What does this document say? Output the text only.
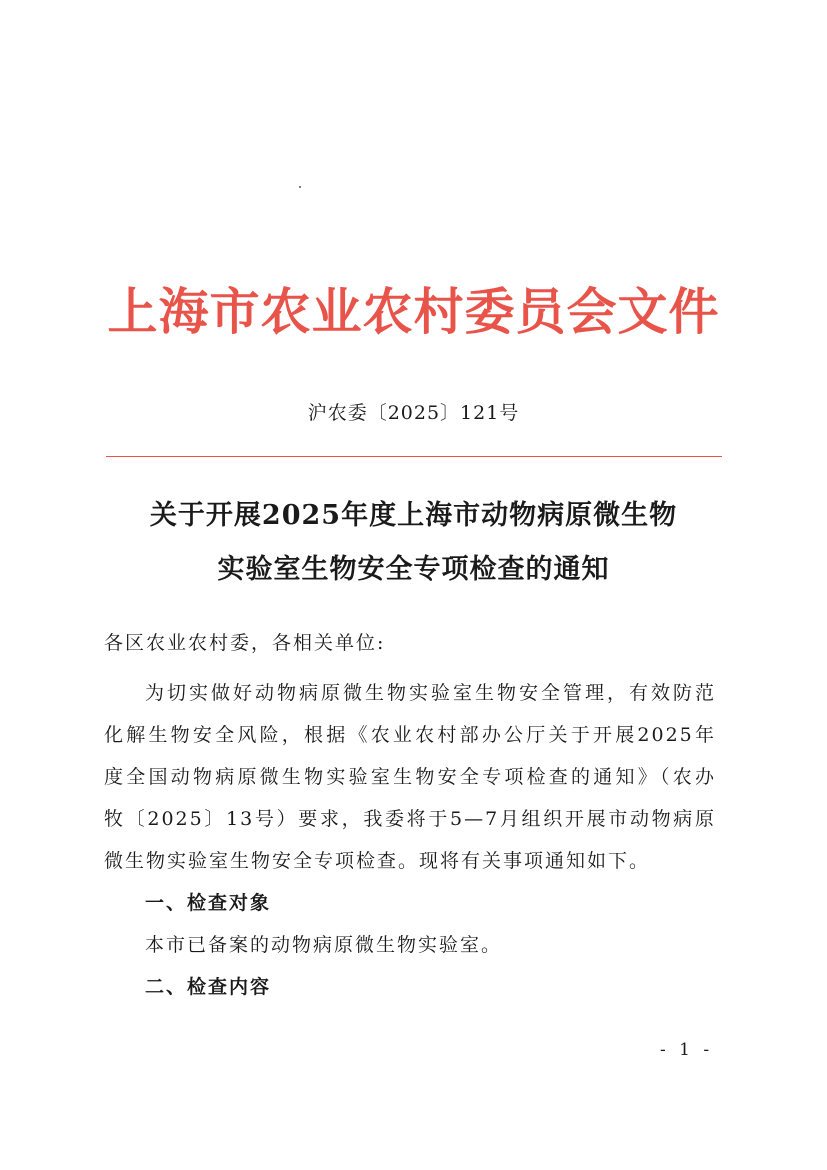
上海市农业农村委员会文件
沪农委〔2025〕121号
关于开展2025年度上海市动物病原微生物
实验室生物安全专项检查的通知
各区农业农村委，各相关单位:
为切实做好动物病原微生物实验室生物安全管理，有效防范
化解生物安全风险，根据《农业农村部办公厅关于开展2025年
度全国动物病原微生物实验室生物安全专项检查的通知》（农办
牧〔2025〕13号）要求，我委将于5—7月组织开展市动物病原
微生物实验室生物安全专项检查。现将有关事项通知如下。
一、检查对象
本市已备案的动物病原微生物实验室。
二、检查内容
- 1 -
